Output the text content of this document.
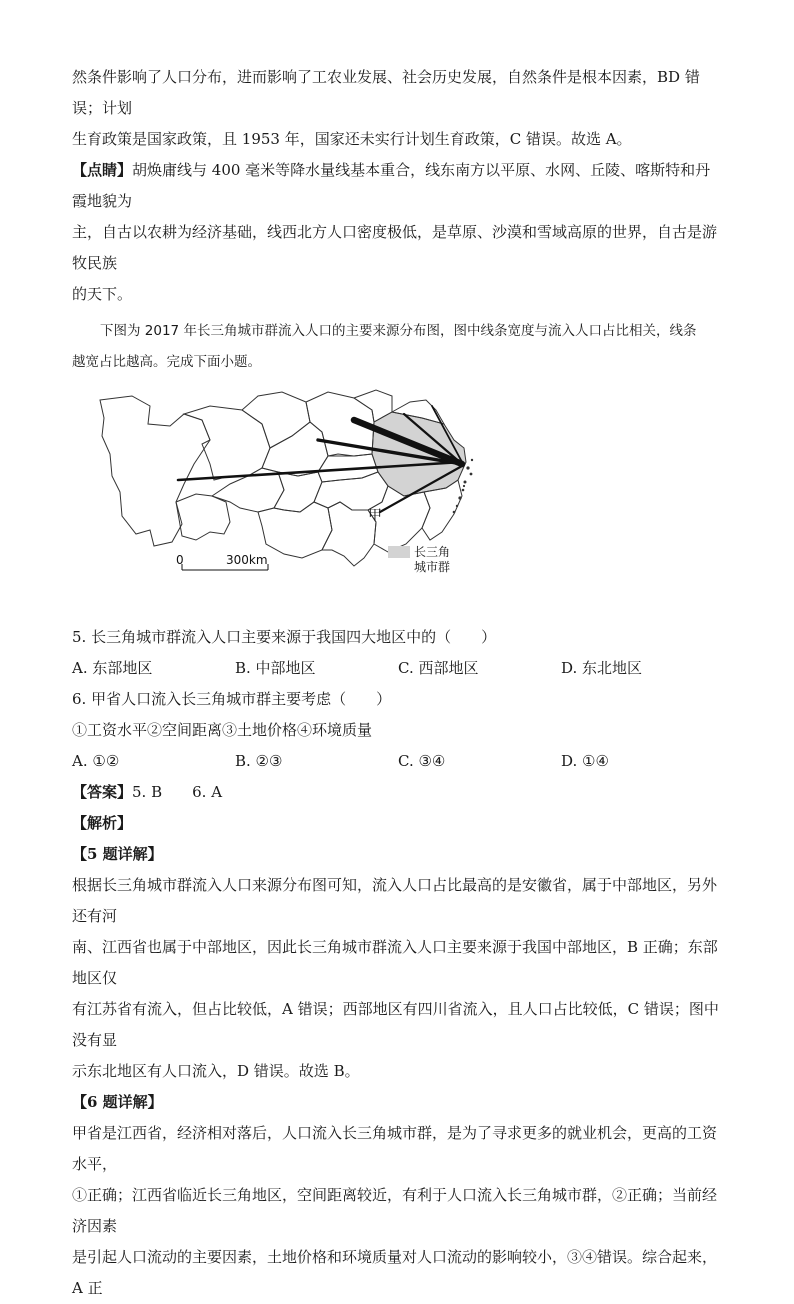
然条件影响了人口分布，进而影响了工农业发展、社会历史发展，自然条件是根本因素，BD 错误；计划

生育政策是国家政策，且 1953 年，国家还未实行计划生育政策，C 错误。故选 A。

【点睛】胡焕庸线与 400 毫米等降水量线基本重合，线东南方以平原、水网、丘陵、喀斯特和丹霞地貌为

主，自古以农耕为经济基础，线西北方人口密度极低，是草原、沙漠和雪域高原的世界，自古是游牧民族

的天下。

下图为 2017 年长三角城市群流入人口的主要来源分布图，图中线条宽度与流入人口占比相关，线条

越宽占比越高。完成下面小题。

0	300km
甲
长三角
城市群

5. 长三角城市群流入人口主要来源于我国四大地区中的（　　）

A. 东部地区	B. 中部地区	C. 西部地区	D. 东北地区

6. 甲省人口流入长三角城市群主要考虑（　　）

①工资水平②空间距离③土地价格④环境质量

A. ①②	B. ②③	C. ③④	D. ①④

【答案】5. B　　6. A

【解析】

【5 题详解】

根据长三角城市群流入人口来源分布图可知，流入人口占比最高的是安徽省，属于中部地区，另外还有河

南、江西省也属于中部地区，因此长三角城市群流入人口主要来源于我国中部地区，B 正确；东部地区仅

有江苏省有流入，但占比较低，A 错误；西部地区有四川省流入，且人口占比较低，C 错误；图中没有显

示东北地区有人口流入，D 错误。故选 B。

【6 题详解】

甲省是江西省，经济相对落后，人口流入长三角城市群，是为了寻求更多的就业机会，更高的工资水平，

①正确；江西省临近长三角地区，空间距离较近，有利于人口流入长三角城市群，②正确；当前经济因素

是引起人口流动的主要因素，土地价格和环境质量对人口流动的影响较小，③④错误。综合起来，A 正
